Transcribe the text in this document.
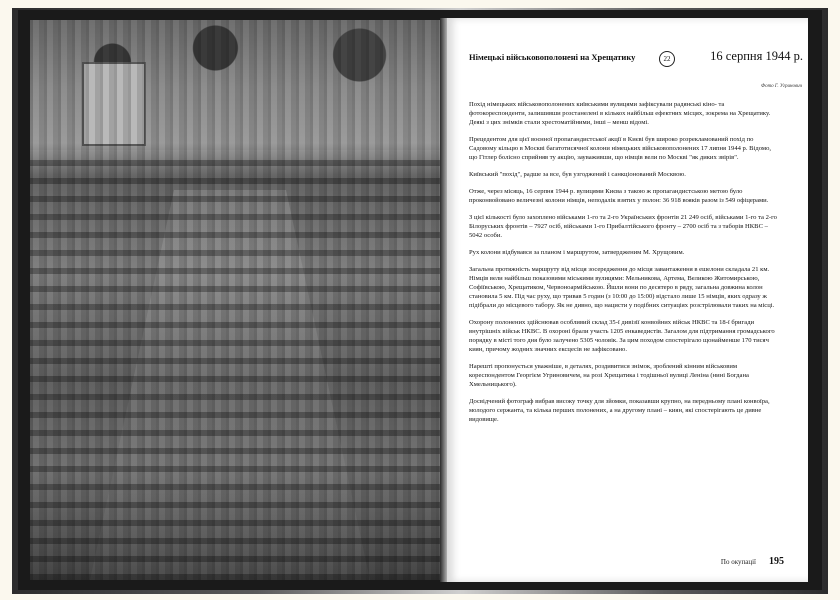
Німецькі військовополонені на Хрещатику	22	16 серпня 1944 р.
Фото Г. Угринович

Похід німецьких військовополонених київськими вулицями зафіксували радянські кіно- та фотокореспонденти, залишивши розстанелені в кількох найбільш ефектних місцях, зокрема на Хрещатику. Деякі з цих знімків стали хрестоматійними, інші – менш відомі.

Прецедентом для цієї воєнної пропагандистської акції в Києві був широко розрекламований похід по Садовому кільцю в Москві багатотисячної колони німецьких військовополонених 17 липня 1944 р. Відомо, що Гітлер болісно сприйняв ту акцію, зауваживши, що німців вели по Москві "як диких звірів".

Київський "похід", радше за все, був узгоджений і санкціонований Москвою.

Отже, через місяць, 16 серпня 1944 р. вулицями Києва з такою ж пропагандистською метою було проконвойовано величезні колони німців, неподалік взятих у полон: 36 918 вояків разом із 549 офіцерами.

З цієї кількості було захоплено військами 1-го та 2-го Українських фронтів 21 249 осіб, військами 1-го та 2-го Білоруських фронтів – 7927 осіб, військами 1-го Прибалтійського фронту – 2700 осіб та з таборів НКВС – 5042 особи.

Рух колони відбувався за планом і маршрутом, затвердженим М. Хрущовим.

Загальна протяжність маршруту від місця зосередження до місця завантаження в ешелони складала 21 км. Німців вели найбільш показовими міськими вулицями: Мельникова, Артема, Великою Житомирською, Софіївською, Хрещатиком, Червоноармійською. Йшли вони по десятеро в ряду, загальна довжина колон становила 5 км. Під час руху, що тривав 5 годин (з 10:00 до 15:00) відстало лише 15 німців, яких одразу ж підібрали до місцевого табору. Як не дивно, що нацисти у подібних ситуаціях розстрілювали таких на місці.

Охорону полонених здійснював особливий склад 35-ї дивізії конвойних військ НКВС та 18-ї бригади внутрішніх військ НКВС. В охороні брали участь 1205 енкаведистів. Загалом для підтримання громадського порядку в місті того дня було залучено 5305 чоловік. За цим походом спостерігало щонайменше 170 тисяч киян, причому жодних значних ексцесів не зафіксовано.

Нарешті пропонується уважніше, в деталях, роздивитися знімок, зроблений кінним військовим кореспондентом Георгієм Угриновичем, на розі Хрещатика і тодішньої вулиці Леніна (нині Богдана Хмельницького).

Досвідчений фотограф вибрав високу точку для зйомки, показавши крупно, на передньому плані конвоїра, молодого сержанта, та кілька перших полонених, а на другому плані – киян, які спостерігають це дивне видовище.

По окупації 195
